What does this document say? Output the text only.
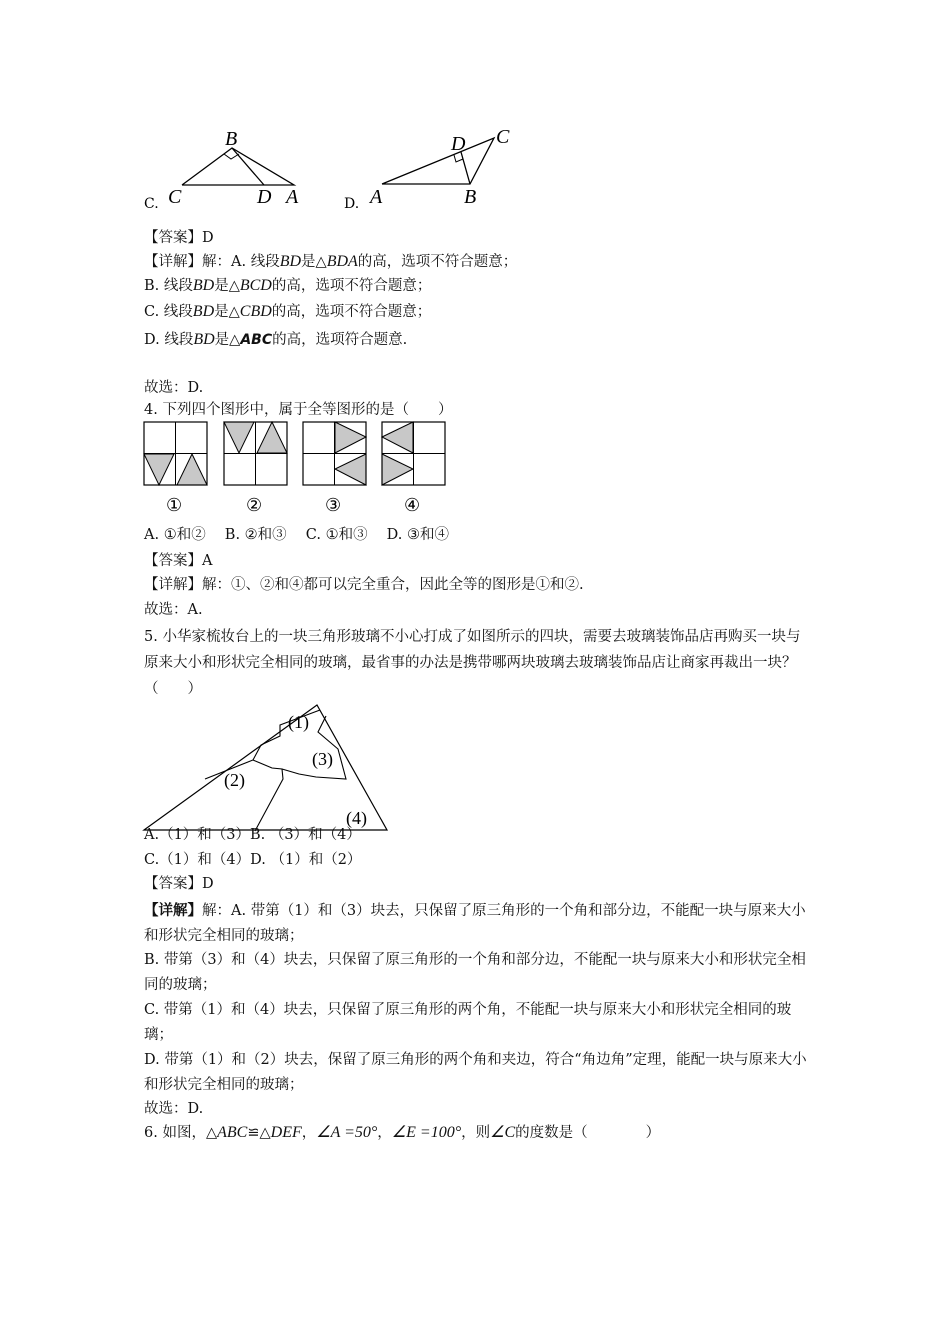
C.
B
C	D A	D.
D C
A	B
【答案】D
【详解】解：A. 线段BD是△BDA的高，选项不符合题意；
B. 线段BD是△BCD的高，选项不符合题意；
C. 线段BD是△CBD的高，选项不符合题意；
D. 线段BD是△ABC的高，选项符合题意.
故选：D.
4. 下列四个图形中，属于全等图形的是（　　）
①	②	③	④
A. ①和②　 B. ②和③　 C. ①和③　 D. ③和④
【答案】A
【详解】解：①、②和④都可以完全重合，因此全等的图形是①和②.
故选：A.
5. 小华家梳妆台上的一块三角形玻璃不小心打成了如图所示的四块，需要去玻璃装饰品店再购买一块与原来大小和形状完全相同的玻璃，最省事的办法是携带哪两块玻璃去玻璃装饰品店让商家再裁出一块？（　　）
(1)
(2)
(3)
(4)
A.（1）和（3）B. （3）和（4）
C.（1）和（4）D. （1）和（2）
【答案】D
【详解】解：A. 带第（1）和（3）块去，只保留了原三角形的一个角和部分边，不能配一块与原来大小和形状完全相同的玻璃；
B. 带第（3）和（4）块去，只保留了原三角形的一个角和部分边，不能配一块与原来大小和形状完全相同的玻璃；
C. 带第（1）和（4）块去，只保留了原三角形的两个角，不能配一块与原来大小和形状完全相同的玻璃；
D. 带第（1）和（2）块去，保留了原三角形的两个角和夹边，符合“角边角”定理，能配一块与原来大小和形状完全相同的玻璃；
故选：D.
6. 如图，△ABC≌△DEF，∠A =50°，∠E =100°，则∠C的度数是（　　　　）
